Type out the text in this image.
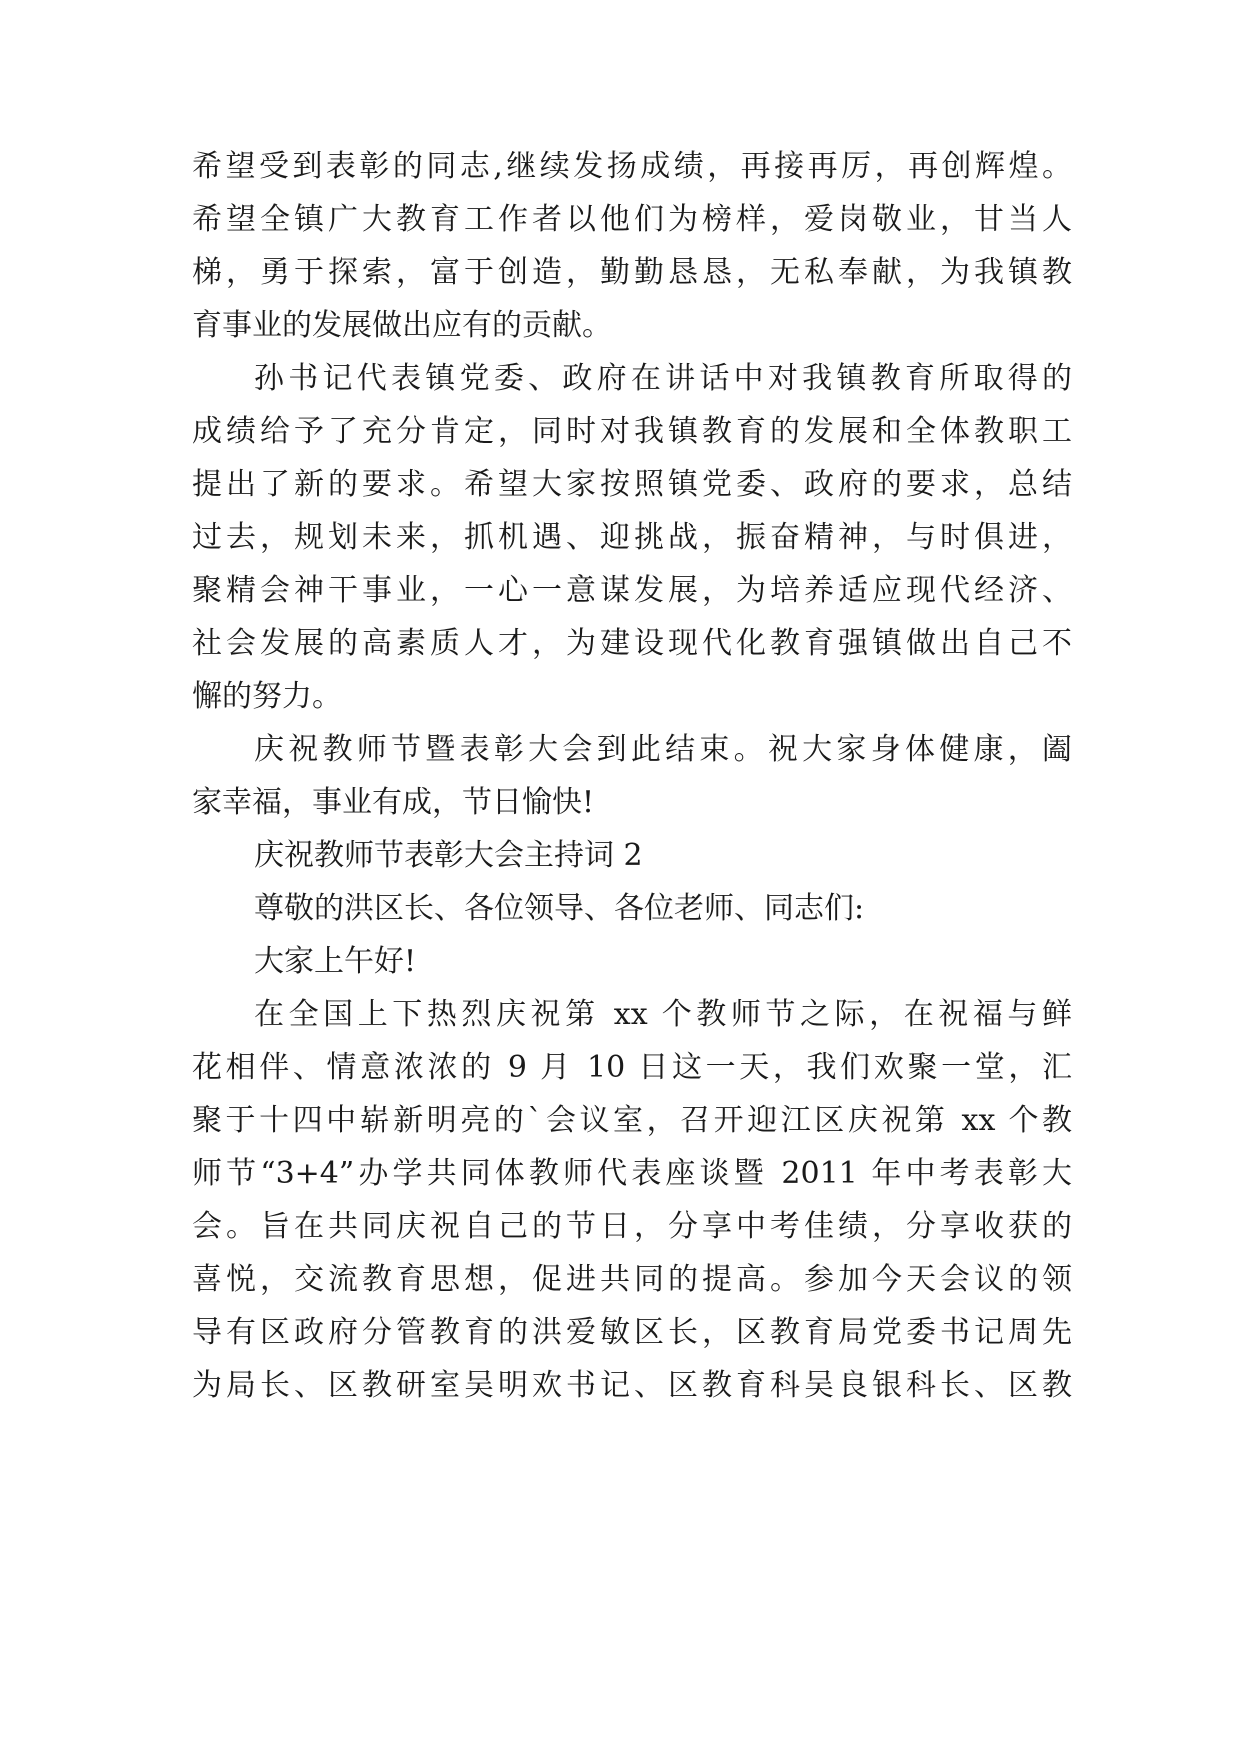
希望受到表彰的同志,继续发扬成绩，再接再厉，再创辉煌。
希望全镇广大教育工作者以他们为榜样，爱岗敬业，甘当人
梯，勇于探索，富于创造，勤勤恳恳，无私奉献，为我镇教
育事业的发展做出应有的贡献。
孙书记代表镇党委、政府在讲话中对我镇教育所取得的
成绩给予了充分肯定，同时对我镇教育的发展和全体教职工
提出了新的要求。希望大家按照镇党委、政府的要求，总结
过去，规划未来，抓机遇、迎挑战，振奋精神，与时俱进，
聚精会神干事业，一心一意谋发展，为培养适应现代经济、
社会发展的高素质人才，为建设现代化教育强镇做出自己不
懈的努力。
庆祝教师节暨表彰大会到此结束。祝大家身体健康，阖
家幸福，事业有成，节日愉快!
庆祝教师节表彰大会主持词 2
尊敬的洪区长、各位领导、各位老师、同志们:
大家上午好!
在全国上下热烈庆祝第 xx 个教师节之际，在祝福与鲜
花相伴、情意浓浓的 9 月 10 日这一天，我们欢聚一堂，汇
聚于十四中崭新明亮的`会议室，召开迎江区庆祝第 xx 个教
师节“3+4”办学共同体教师代表座谈暨 2011 年中考表彰大
会。旨在共同庆祝自己的节日，分享中考佳绩，分享收获的
喜悦，交流教育思想，促进共同的提高。参加今天会议的领
导有区政府分管教育的洪爱敏区长，区教育局党委书记周先
为局长、区教研室吴明欢书记、区教育科吴良银科长、区教
